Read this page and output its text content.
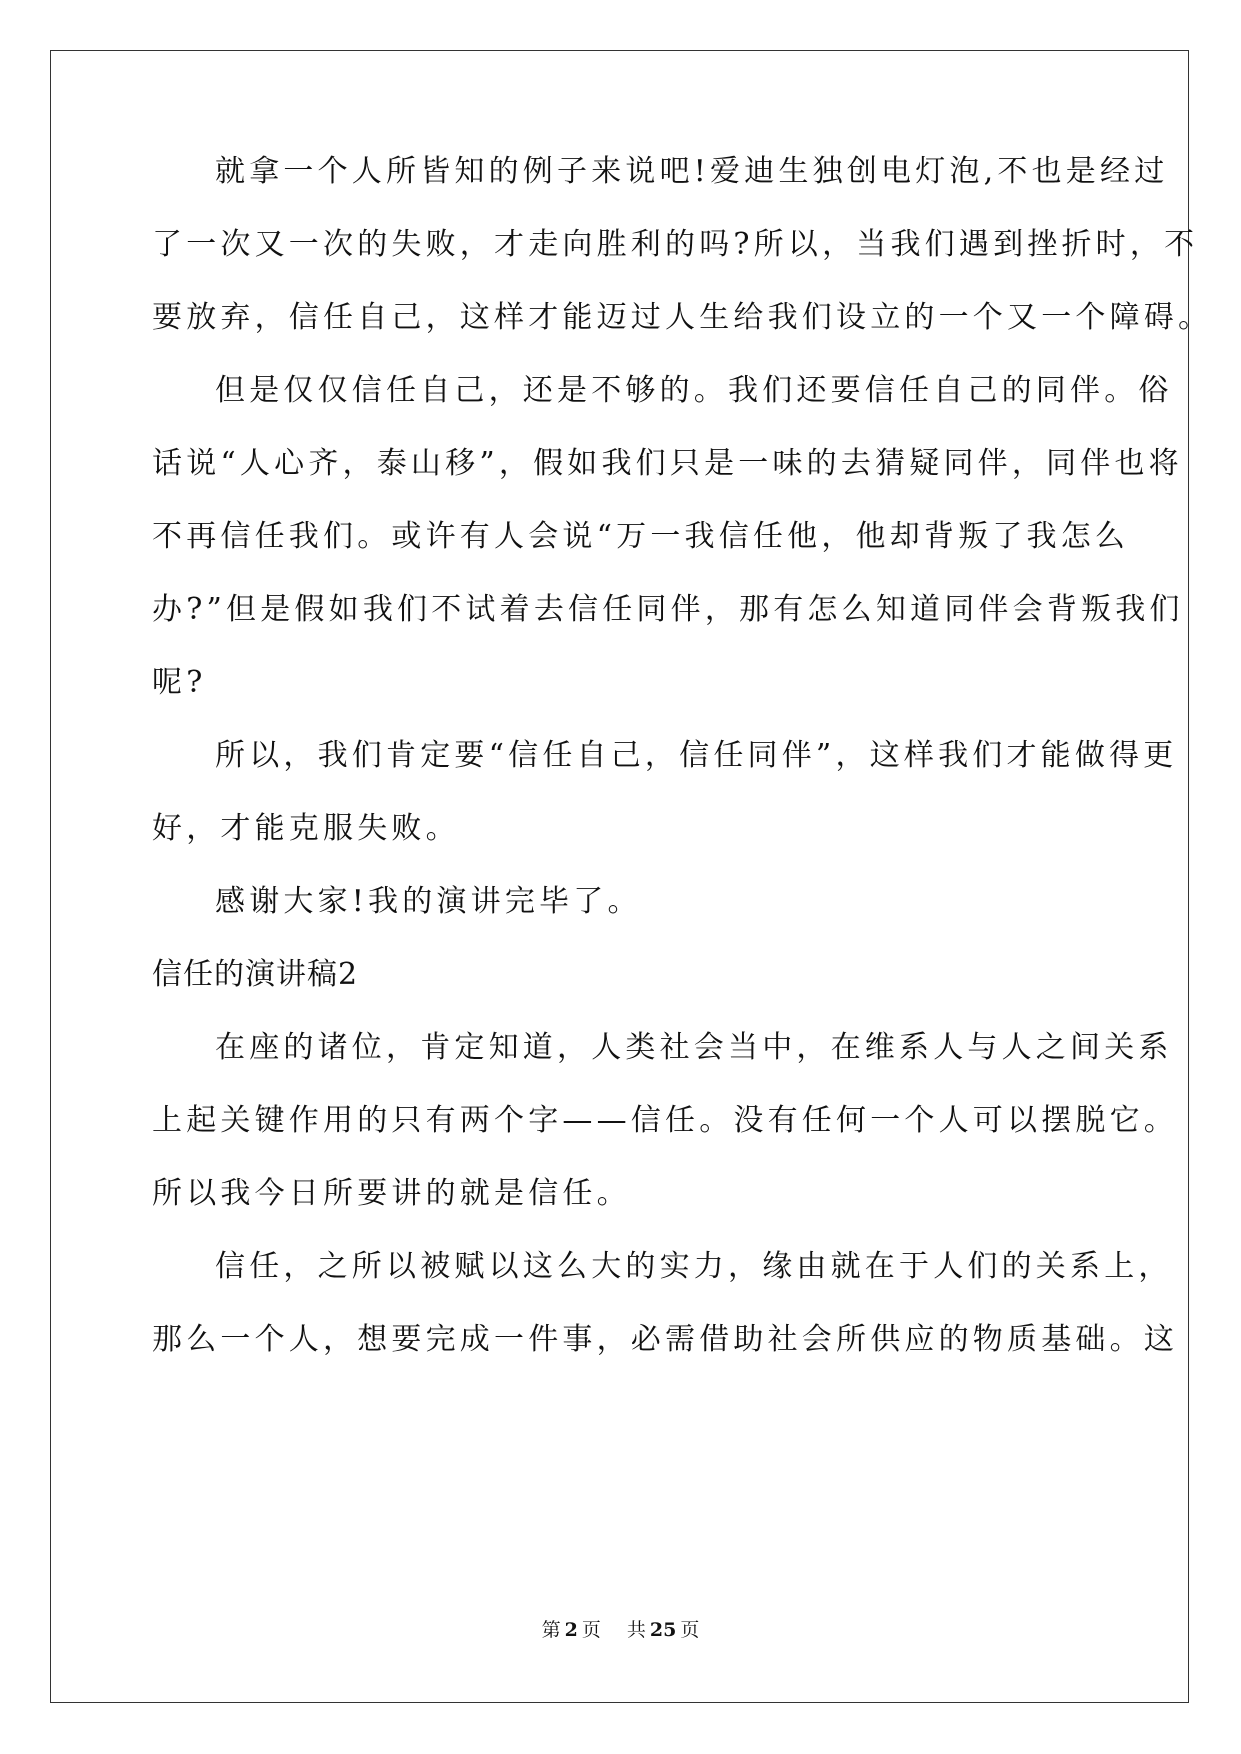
就拿一个人所皆知的例子来说吧!爱迪生独创电灯泡,不也是经过
了一次又一次的失败，才走向胜利的吗?所以，当我们遇到挫折时，不
要放弃，信任自己，这样才能迈过人生给我们设立的一个又一个障碍。
但是仅仅信任自己，还是不够的。我们还要信任自己的同伴。俗
话说“人心齐，泰山移”，假如我们只是一味的去猜疑同伴，同伴也将
不再信任我们。或许有人会说“万一我信任他，他却背叛了我怎么
办?”但是假如我们不试着去信任同伴，那有怎么知道同伴会背叛我们
呢?
所以，我们肯定要“信任自己，信任同伴”，这样我们才能做得更
好，才能克服失败。
感谢大家!我的演讲完毕了。
信任的演讲稿2
在座的诸位，肯定知道，人类社会当中，在维系人与人之间关系
上起关键作用的只有两个字——信任。没有任何一个人可以摆脱它。
所以我今日所要讲的就是信任。
信任，之所以被赋以这么大的实力，缘由就在于人们的关系上，
那么一个人，想要完成一件事，必需借助社会所供应的物质基础。这
第 2 页 共 25 页
